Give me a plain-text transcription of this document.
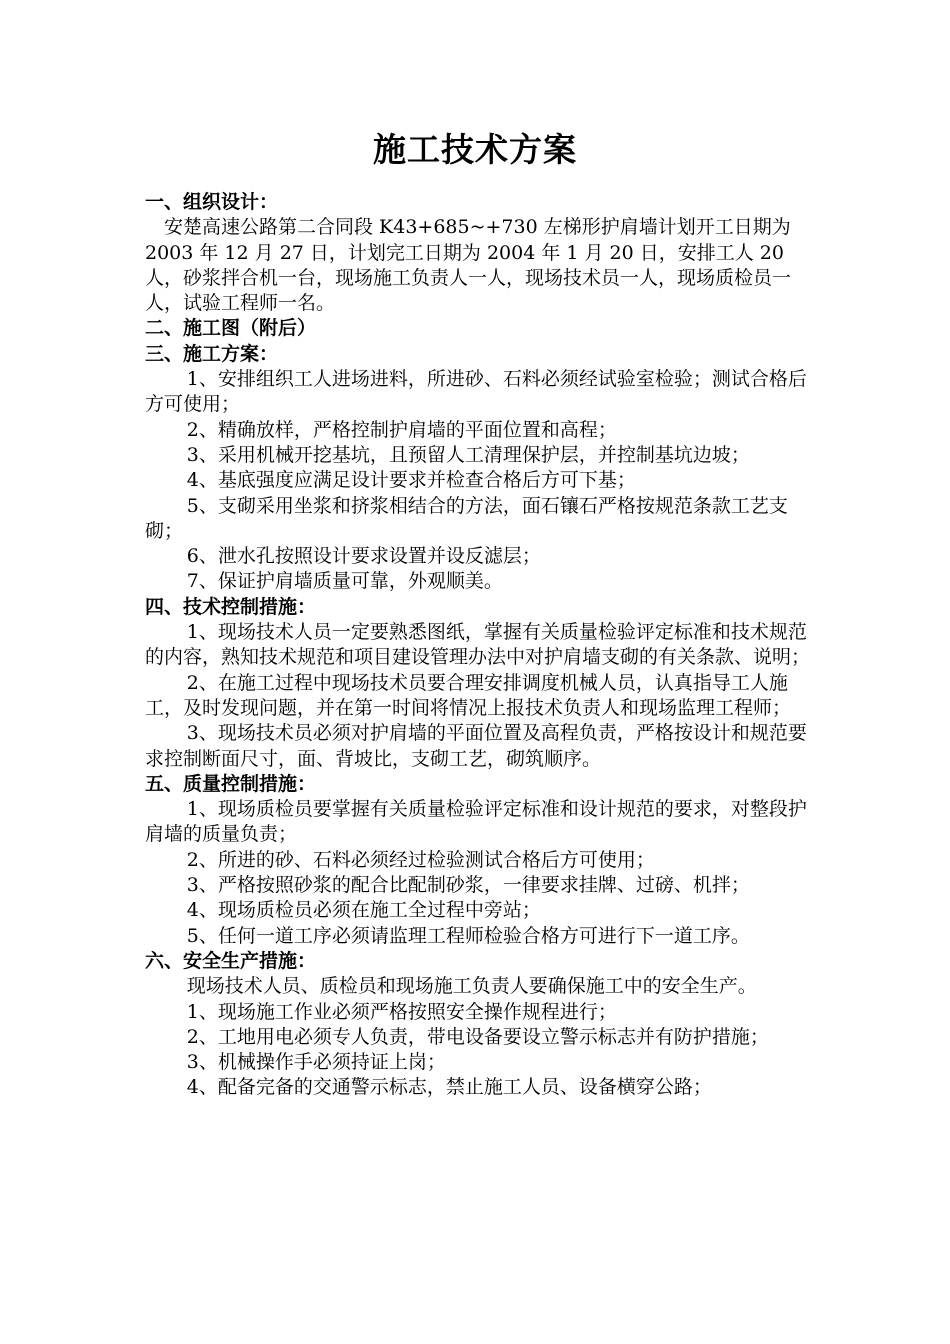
施工技术方案

一、组织设计：

安楚高速公路第二合同段 K43+685~+730 左梯形护肩墙计划开工日期为 2003 年 12 月 27 日，计划完工日期为 2004 年 1 月 20 日，安排工人 20 人，砂浆拌合机一台，现场施工负责人一人，现场技术员一人，现场质检员一人，试验工程师一名。

二、施工图（附后）

三、施工方案：

1、安排组织工人进场进料，所进砂、石料必须经试验室检验；测试合格后方可使用；

2、精确放样，严格控制护肩墙的平面位置和高程；

3、采用机械开挖基坑，且预留人工清理保护层，并控制基坑边坡；

4、基底强度应满足设计要求并检查合格后方可下基；

5、支砌采用坐浆和挤浆相结合的方法，面石镶石严格按规范条款工艺支砌；

6、泄水孔按照设计要求设置并设反滤层；

7、保证护肩墙质量可靠，外观顺美。

四、技术控制措施：

1、现场技术人员一定要熟悉图纸，掌握有关质量检验评定标准和技术规范的内容，熟知技术规范和项目建设管理办法中对护肩墙支砌的有关条款、说明；

2、在施工过程中现场技术员要合理安排调度机械人员，认真指导工人施工，及时发现问题，并在第一时间将情况上报技术负责人和现场监理工程师；

3、现场技术员必须对护肩墙的平面位置及高程负责，严格按设计和规范要求控制断面尺寸，面、背坡比，支砌工艺，砌筑顺序。

五、质量控制措施：

1、现场质检员要掌握有关质量检验评定标准和设计规范的要求，对整段护肩墙的质量负责；

2、所进的砂、石料必须经过检验测试合格后方可使用；

3、严格按照砂浆的配合比配制砂浆，一律要求挂牌、过磅、机拌；

4、现场质检员必须在施工全过程中旁站；

5、任何一道工序必须请监理工程师检验合格方可进行下一道工序。

六、安全生产措施：

现场技术人员、质检员和现场施工负责人要确保施工中的安全生产。

1、现场施工作业必须严格按照安全操作规程进行；

2、工地用电必须专人负责，带电设备要设立警示标志并有防护措施；

3、机械操作手必须持证上岗；

4、配备完备的交通警示标志，禁止施工人员、设备横穿公路；
